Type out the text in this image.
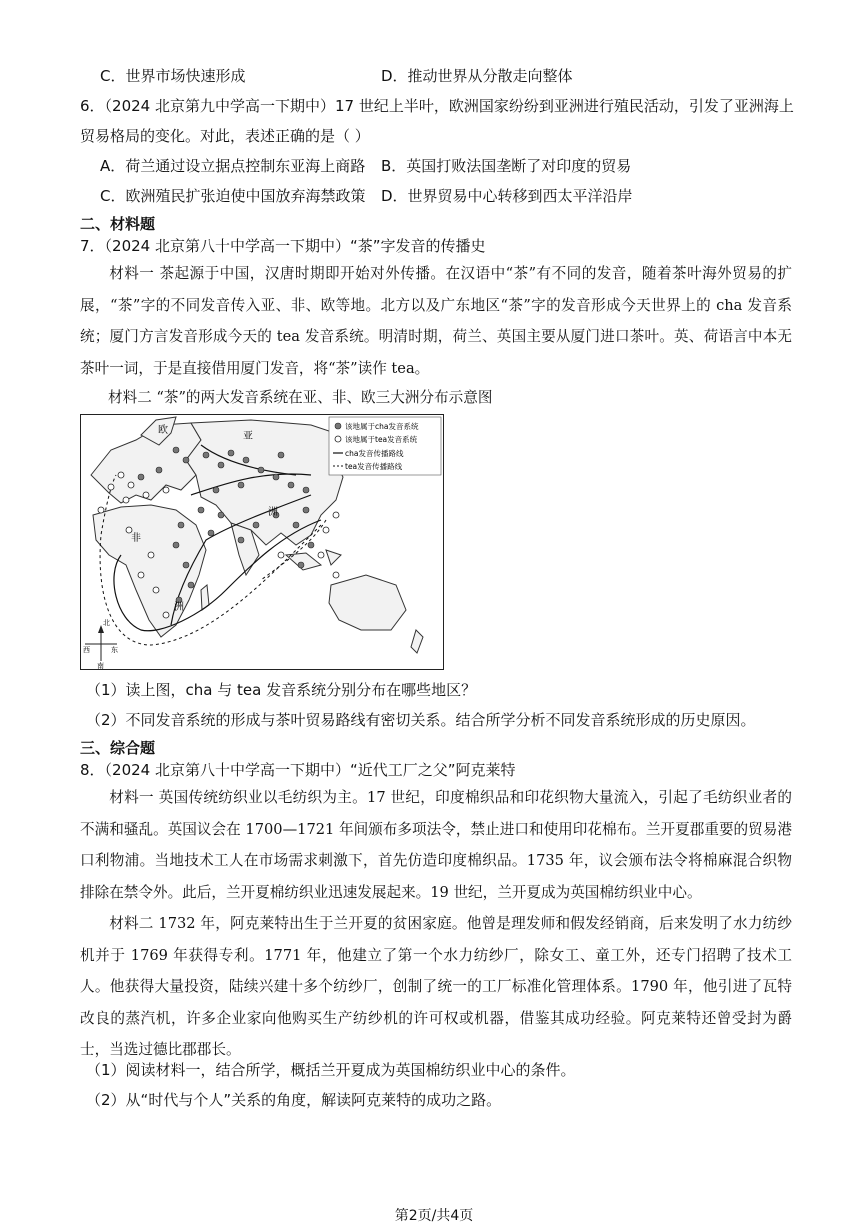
C．世界市场快速形成	D．推动世界从分散走向整体
6．（2024 北京第九中学高一下期中）17 世纪上半叶，欧洲国家纷纷到亚洲进行殖民活动，引发了亚洲海上
贸易格局的变化。对此，表述正确的是（ ）
A．荷兰通过设立据点控制东亚海上商路 B．英国打败法国垄断了对印度的贸易
C．欧洲殖民扩张迫使中国放弃海禁政策 D．世界贸易中心转移到西太平洋沿岸
二、材料题
7．（2024 北京第八十中学高一下期中）“茶”字发音的传播史

材料一 茶起源于中国，汉唐时期即开始对外传播。在汉语中“茶”有不同的发音，随着茶叶海外贸易的扩展，“茶”字的不同发音传入亚、非、欧等地。北方以及广东地区“茶”字的发音形成今天世界上的 cha 发音系统；厦门方言发音形成今天的 tea 发音系统。明清时期，荷兰、英国主要从厦门进口茶叶。英、荷语言中本无茶叶一词，于是直接借用厦门发音，将“茶”读作 tea。

材料二 “茶”的两大发音系统在亚、非、欧三大洲分布示意图
欧
亚
洲
非
洲
北
西	东
南
该地属于cha发音系统
该地属于tea发音系统
cha发音传播路线
tea发音传播路线
（1）读上图，cha 与 tea 发音系统分别分布在哪些地区？
（2）不同发音系统的形成与茶叶贸易路线有密切关系。结合所学分析不同发音系统形成的历史原因。
三、综合题
8．（2024 北京第八十中学高一下期中）“近代工厂之父”阿克莱特

材料一 英国传统纺织业以毛纺织为主。17 世纪，印度棉织品和印花织物大量流入，引起了毛纺织业者的不满和骚乱。英国议会在 1700—1721 年间颁布多项法令，禁止进口和使用印花棉布。兰开夏郡重要的贸易港口利物浦。当地技术工人在市场需求刺激下，首先仿造印度棉织品。1735 年，议会颁布法令将棉麻混合织物排除在禁令外。此后，兰开夏棉纺织业迅速发展起来。19 世纪，兰开夏成为英国棉纺织业中心。

材料二 1732 年，阿克莱特出生于兰开夏的贫困家庭。他曾是理发师和假发经销商，后来发明了水力纺纱机并于 1769 年获得专利。1771 年，他建立了第一个水力纺纱厂，除女工、童工外，还专门招聘了技术工人。他获得大量投资，陆续兴建十多个纺纱厂，创制了统一的工厂标准化管理体系。1790 年，他引进了瓦特改良的蒸汽机，许多企业家向他购买生产纺纱机的许可权或机器，借鉴其成功经验。阿克莱特还曾受封为爵士，当选过德比郡郡长。

（1）阅读材料一，结合所学，概括兰开夏成为英国棉纺织业中心的条件。
（2）从“时代与个人”关系的角度，解读阿克莱特的成功之路。
第2页/共4页
